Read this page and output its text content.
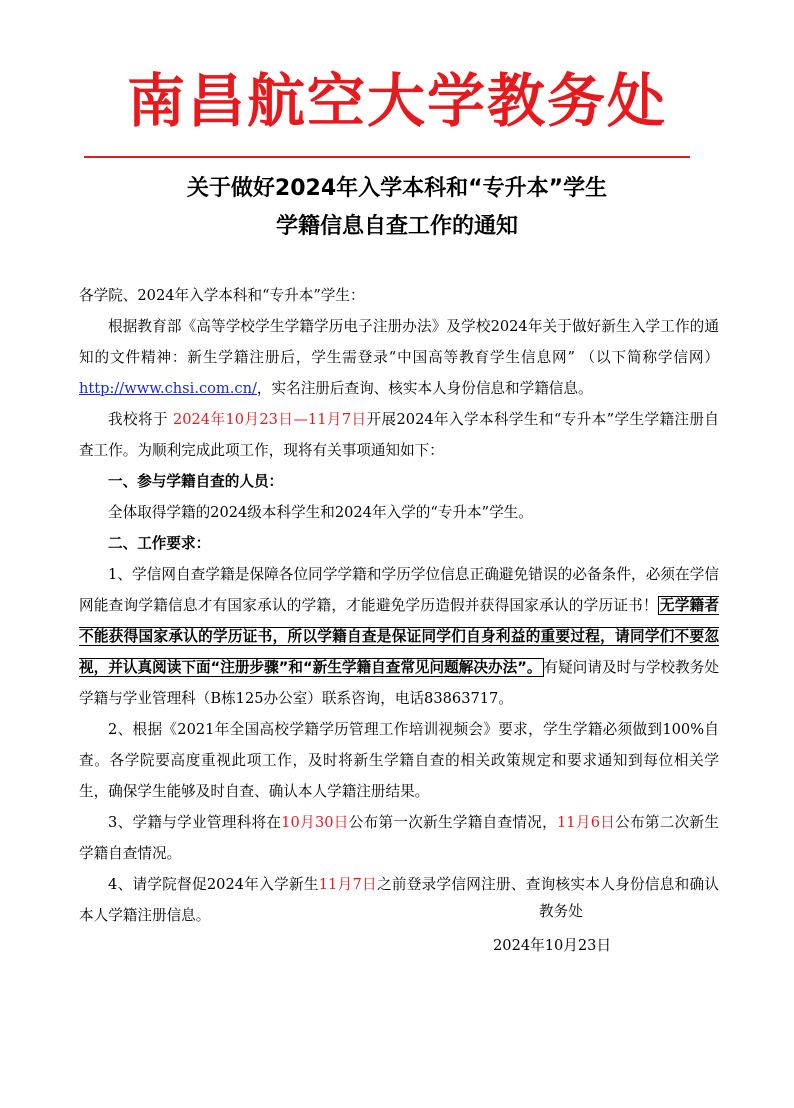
南昌航空大学教务处
关于做好2024年入学本科和“专升本”学生
学籍信息自查工作的通知

各学院、2024年入学本科和“专升本”学生：

根据教育部《高等学校学生学籍学历电子注册办法》及学校2024年关于做好新生入学工作的通知的文件精神：新生学籍注册后，学生需登录“中国高等教育学生信息网” （以下简称学信网） http://www.chsi.com.cn/，实名注册后查询、核实本人身份信息和学籍信息。

我校将于 2024年10月23日—11月7日开展2024年入学本科学生和“专升本”学生学籍注册自查工作。为顺利完成此项工作，现将有关事项通知如下：

一、参与学籍自查的人员：

全体取得学籍的2024级本科学生和2024年入学的“专升本”学生。

二、工作要求：

1、学信网自查学籍是保障各位同学学籍和学历学位信息正确避免错误的必备条件，必须在学信网能查询学籍信息才有国家承认的学籍，才能避免学历造假并获得国家承认的学历证书！ 无学籍者不能获得国家承认的学历证书，所以学籍自查是保证同学们自身利益的重要过程，请同学们不要忽视，并认真阅读下面“注册步骤”和“新生学籍自查常见问题解决办法”。 有疑问请及时与学校教务处学籍与学业管理科（B栋125办公室）联系咨询，电话83863717。

2、根据《2021年全国高校学籍学历管理工作培训视频会》要求，学生学籍必须做到100%自查。各学院要高度重视此项工作，及时将新生学籍自查的相关政策规定和要求通知到每位相关学生，确保学生能够及时自查、确认本人学籍注册结果。

3、学籍与学业管理科将在10月30日公布第一次新生学籍自查情况，11月6日公布第二次新生学籍自查情况。

4、请学院督促2024年入学新生11月7日之前登录学信网注册、查询核实本人身份信息和确认本人学籍注册信息。	教务处
2024年10月23日
